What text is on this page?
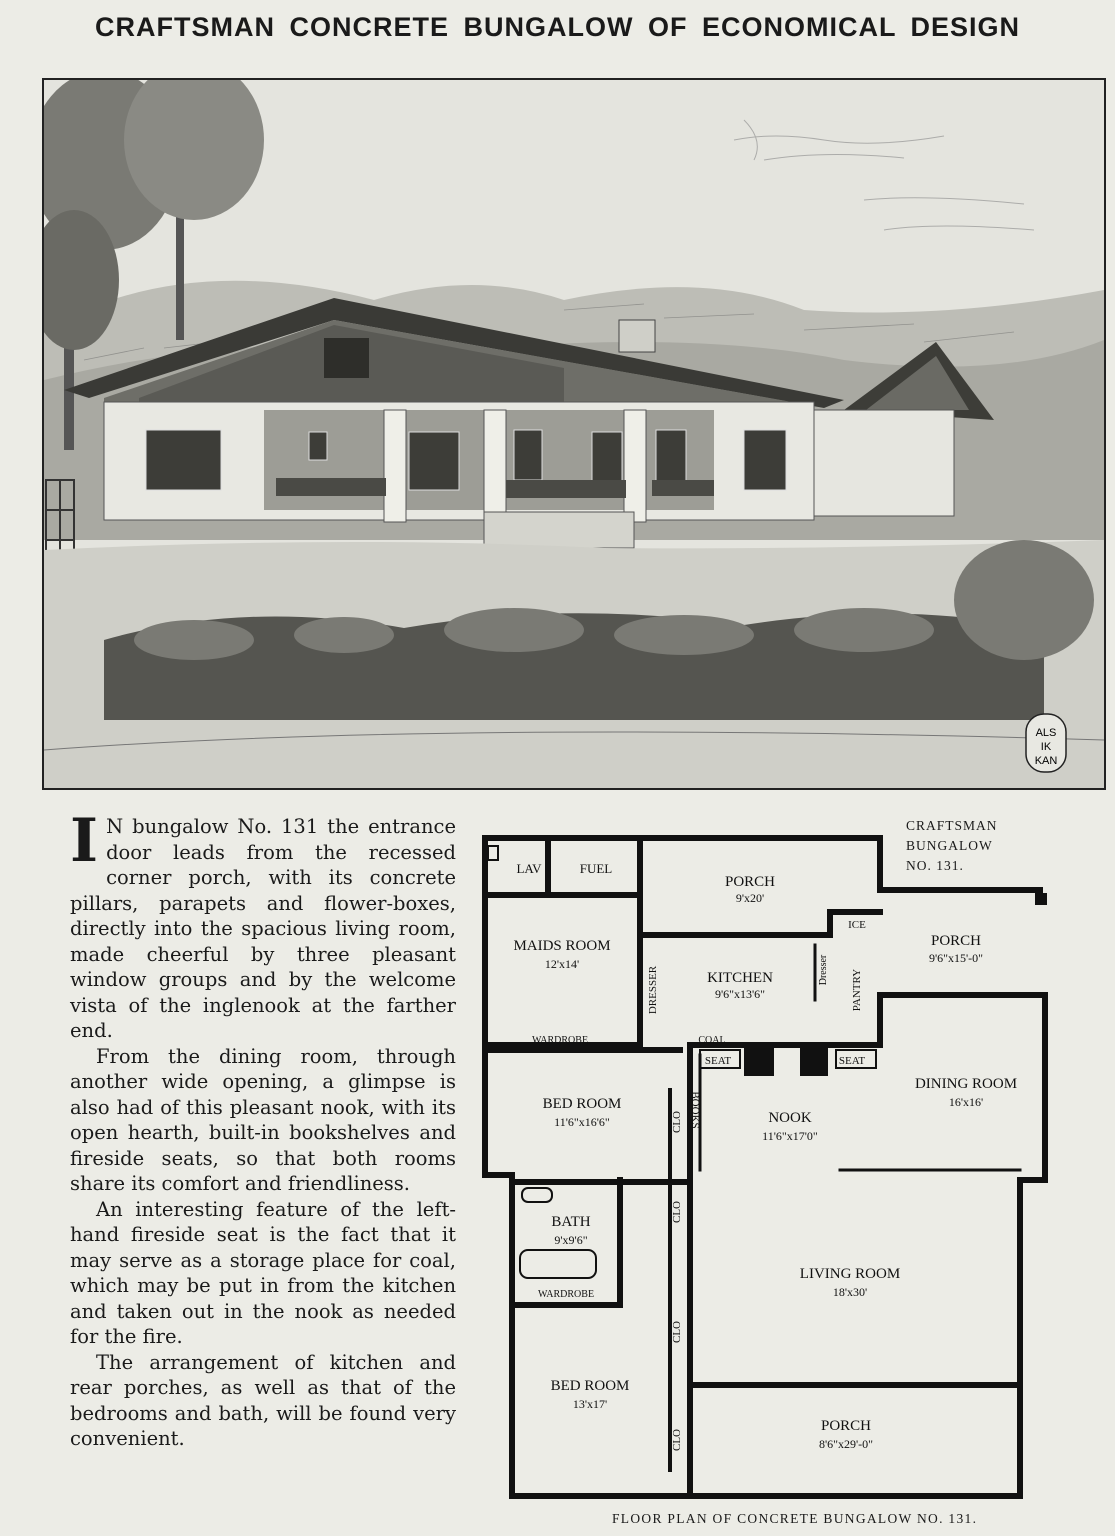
CRAFTSMAN CONCRETE BUNGALOW OF ECONOMICAL DESIGN
ALS
IK
KAN

I N bungalow No. 131 the entrance door leads from the recessed corner porch, with its concrete pillars, parapets and flower-boxes, directly into the spacious living room, made cheerful by three pleasant window groups and by the welcome vista of the inglenook at the farther end.

From the dining room, through another wide opening, a glimpse is also had of this pleasant nook, with its open hearth, built-in bookshelves and fireside seats, so that both rooms share its comfort and friendliness.

An interesting feature of the left-hand fireside seat is the fact that it may serve as a storage place for coal, which may be put in from the kitchen and taken out in the nook as needed for the fire.

The arrangement of kitchen and rear porches, as well as that of the bedrooms and bath, will be found very convenient.

CRAFTSMAN
BUNGALOW
NO. 131.
LAV	FUEL
PORCH
9'x20'
ICE
PORCH
9'6"x15'-0"
MAIDS ROOM
12'x14'
KITCHEN
9'6"x13'6"
DRESSER	Dresser PANTRY
WARDROBE	COAL
SEAT	SEAT
DINING ROOM
16'x16'
BED ROOM
11'6"x16'6"	BOOKS	NOOK
11'6"x17'0"
CLO
CLO
BATH
9'x9'6"
LIVING ROOM
18'x30'
WARDROBE
CLO
BED ROOM
13'x17'
CLO
PORCH
8'6"x29'-0"
FLOOR PLAN OF CONCRETE BUNGALOW NO. 131.
